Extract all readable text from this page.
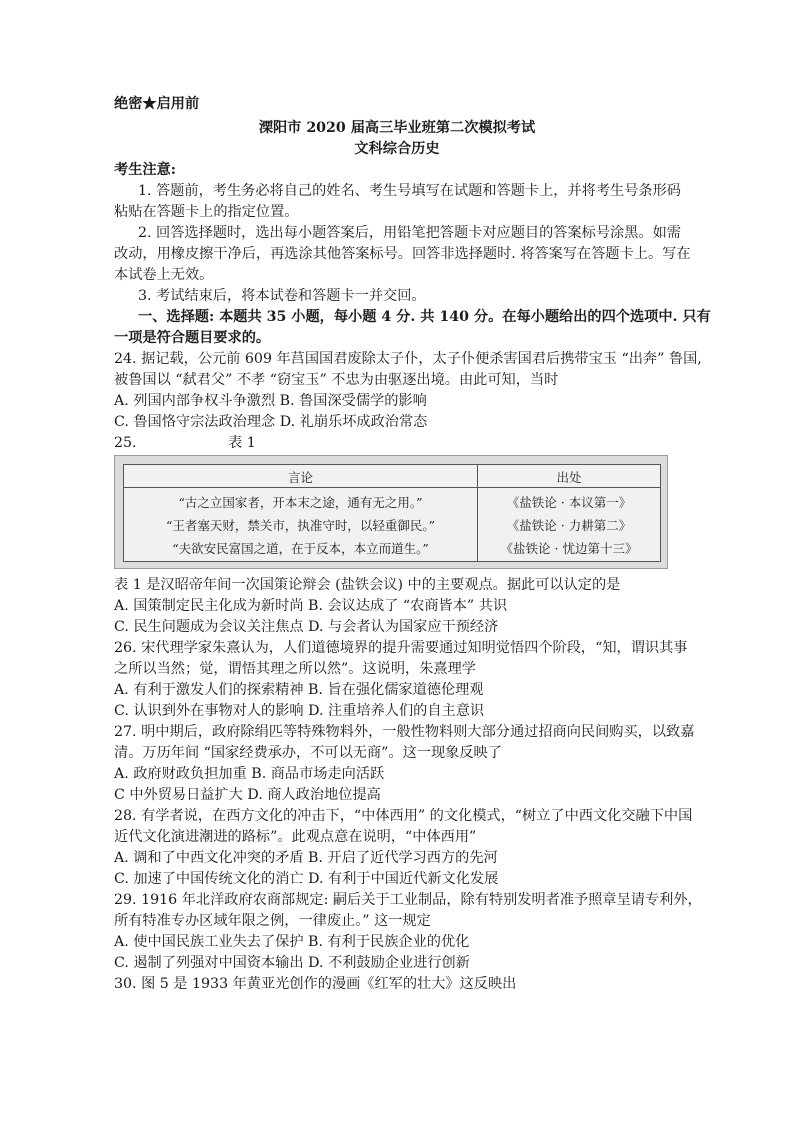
绝密★启用前
溧阳市 2020 届高三毕业班第二次模拟考试
文科综合历史
考生注意:
1. 答题前，考生务必将自己的姓名、考生号填写在试题和答题卡上，并将考生号条形码
粘贴在答题卡上的指定位置。
2. 回答选择题时，选出每小题答案后，用铅笔把答题卡对应题目的答案标号涂黑。如需
改动，用橡皮擦干净后，再选涂其他答案标号。回答非选择题时. 将答案写在答题卡上。写在
本试卷上无效。
3. 考试结束后，将本试卷和答题卡一并交回。
一、选择题: 本题共 35 小题，每小题 4 分. 共 140 分。在每小题给出的四个选项中. 只有
一项是符合题目要求的。
24. 据记载，公元前 609 年莒国国君废除太子仆，太子仆便杀害国君后携带宝玉 “出奔” 鲁国,
被鲁国以 “弑君父” 不孝 “窃宝玉” 不忠为由驱逐出境。由此可知，当时
A. 列国内部争权斗争激烈 B. 鲁国深受儒学的影响
C. 鲁国恪守宗法政治理念 D. 礼崩乐坏成政治常态
25.	表 1
言论	出处
“古之立国家者，开本末之途，通有无之用。”	《盐铁论 · 本议第一》
“王者塞天财，禁关市，执准守时，以轻重御民。”	《盐铁论 · 力耕第二》
“夫欲安民富国之道，在于反本，本立而道生。”	《盐铁论 · 忧边第十三》
表 1 是汉昭帝年间一次国策论辩会 (盐铁会议) 中的主要观点。据此可以认定的是
A. 国策制定民主化成为新时尚 B. 会议达成了 “农商皆本” 共识
C. 民生问题成为会议关注焦点 D. 与会者认为国家应干预经济
26. 宋代理学家朱熹认为，人们道德境界的提升需要通过知明觉悟四个阶段，“知，谓识其事
之所以当然；觉，谓悟其理之所以然”。这说明，朱熹理学
A. 有利于激发人们的探索精神 B. 旨在强化儒家道德伦理观
C. 认识到外在事物对人的影响 D. 注重培养人们的自主意识
27. 明中期后，政府除绢匹等特殊物料外，一般性物料则大部分通过招商向民间购买，以致嘉
清。万历年间 “国家经费承办，不可以无商”。这一现象反映了
A. 政府财政负担加重 B. 商品市场走向活跃
C 中外贸易日益扩大 D. 商人政治地位提高
28. 有学者说，在西方文化的冲击下，“中体西用” 的文化模式，“树立了中西文化交融下中国
近代文化演进潮进的路标”。此观点意在说明，“中体西用”
A. 调和了中西文化冲突的矛盾 B. 开启了近代学习西方的先河
C. 加速了中国传统文化的消亡 D. 有利于中国近代新文化发展
29. 1916 年北洋政府农商部规定: 嗣后关于工业制品，除有特别发明者准予照章呈请专利外，
所有特准专办区域年限之例，一律废止。” 这一规定
A. 使中国民族工业失去了保护 B. 有利于民族企业的优化
C. 遏制了列强对中国资本输出 D. 不利鼓励企业进行创新
30. 图 5 是 1933 年黄亚光创作的漫画《红军的壮大》这反映出
